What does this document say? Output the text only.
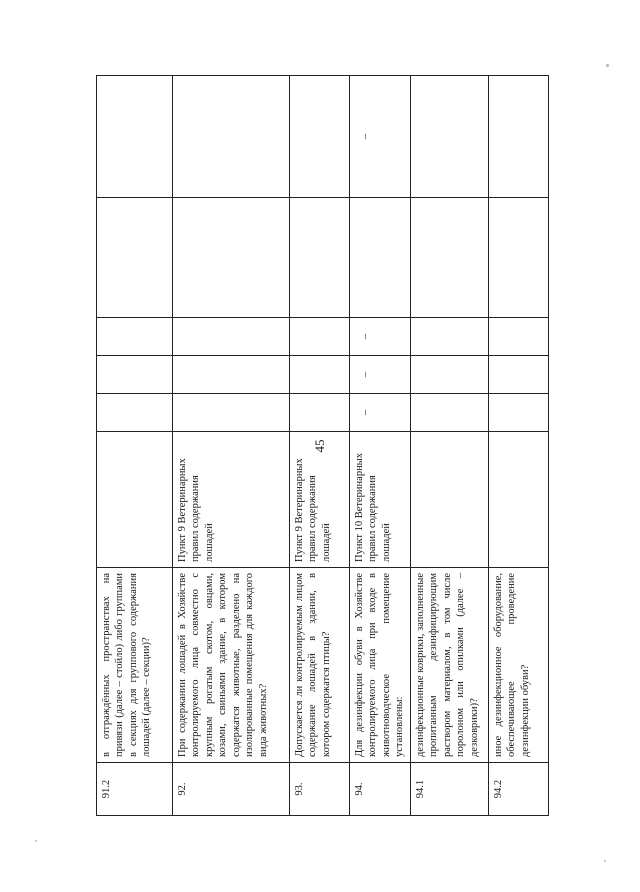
45
91.2	в отграждённых пространствах на привязи (далее – стойло) либо группами в секциях для группового содержания лошадей (далее – секции)?						
92.	При содержании лошадей в Хозяйстве контролируемого лица совместно с крупным рогатым скотом, овцами, козами, свиньями здание, в котором содержатся животные, разделено на изолированные помещения для каждого вида животных?	Пункт 9 Ветеринарных правил содержания лошадей					
93.	Допускается ли контролируемым лицом содержание лошадей в здании, в котором содержатся птицы?	Пункт 9 Ветеринарных правил содержания лошадей					
94.	Для дезинфекции обуви в Хозяйстве контролируемого лица при входе в животноводческое помещение установлены:	Пункт 10 Ветеринарных правил содержания лошадей	–	–	–		–
94.1	дезинфекционные коврики, заполненные пропитанным дезинфицирующим раствором материалом, в том числе поролоном или опилками (далее – дезковрики)?						
94.2	иное дезинфекционное оборудование, обеспечивающее проведение дезинфекции обуви?						
